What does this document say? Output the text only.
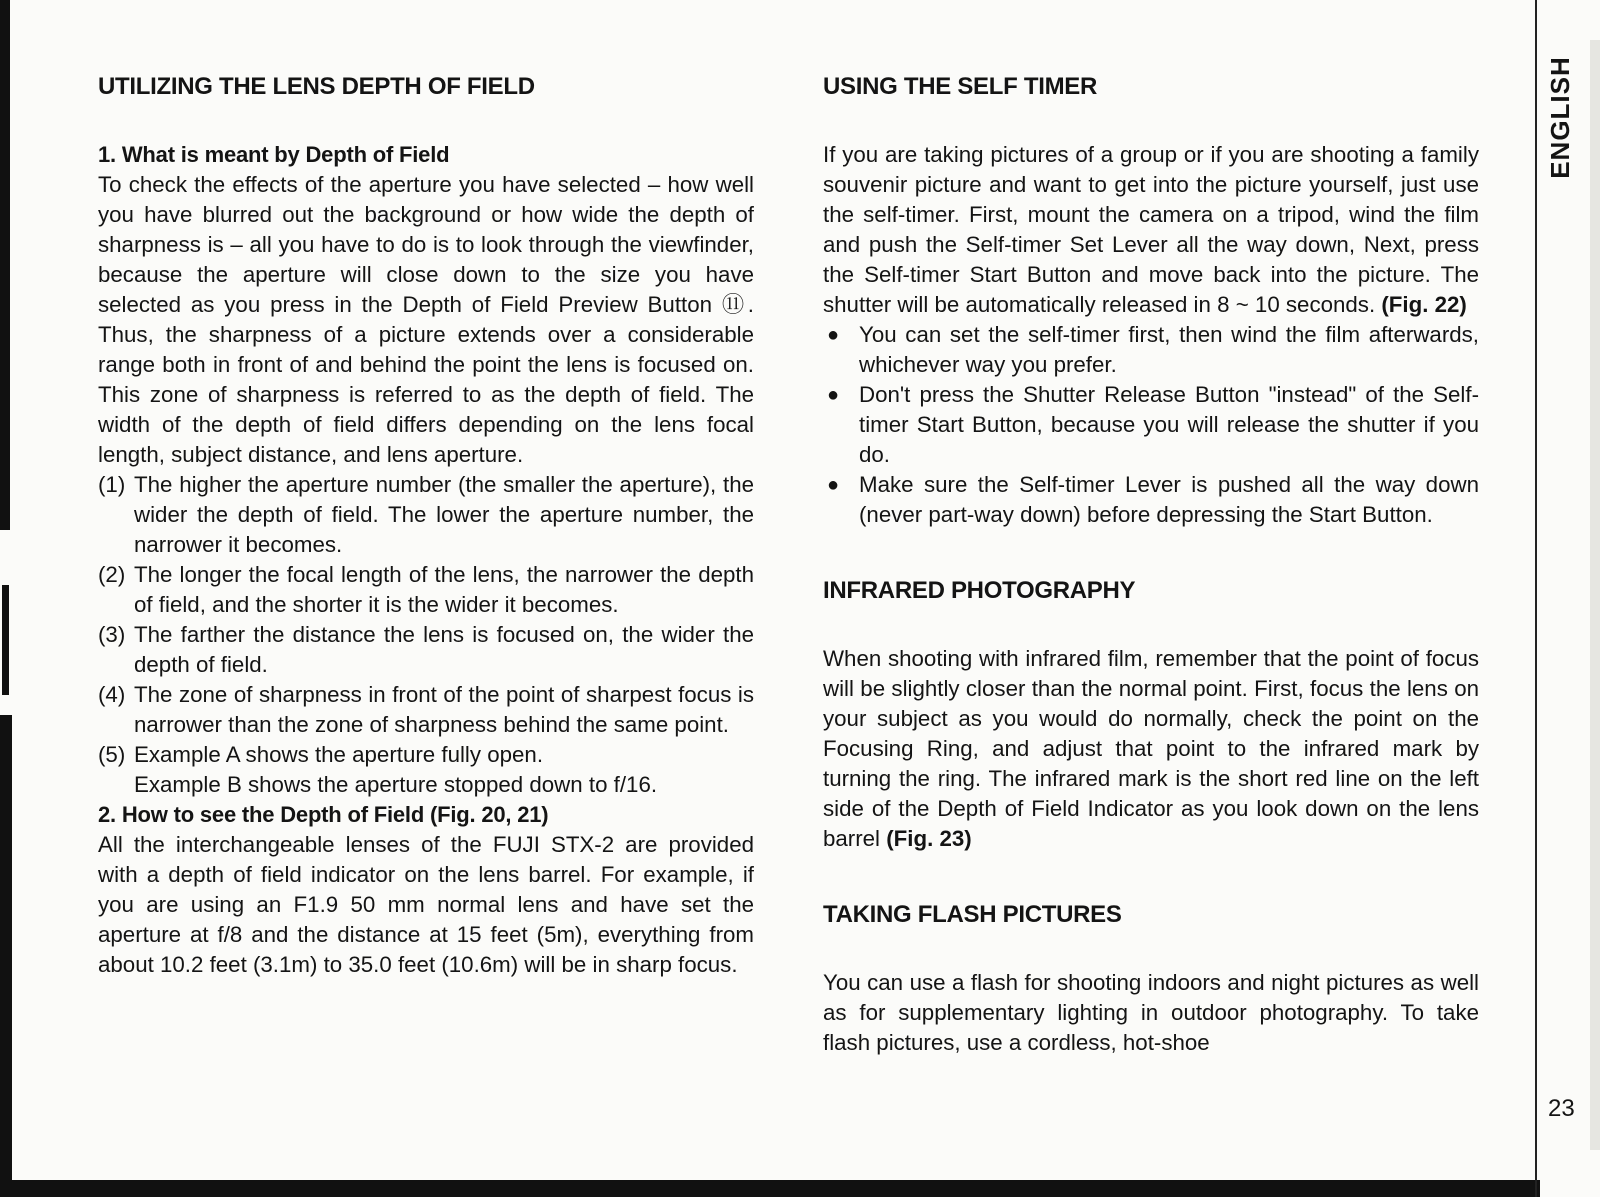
UTILIZING THE LENS DEPTH OF FIELD
1. What is meant by Depth of Field

To check the effects of the aperture you have selected – how well you have blurred out the background or how wide the depth of sharpness is – all you have to do is to look through the viewfinder, because the aperture will close down to the size you have selected as you press in the Depth of Field Preview Button ⑪. Thus, the sharpness of a picture extends over a considerable range both in front of and behind the point the lens is focused on. This zone of sharpness is referred to as the depth of field. The width of the depth of field differs depending on the lens focal length, subject distance, and lens aperture.

(1) The higher the aperture number (the smaller the aperture), the wider the depth of field. The lower the aperture number, the narrower it becomes.
(2) The longer the focal length of the lens, the narrower the depth of field, and the shorter it is the wider it becomes.
(3) The farther the distance the lens is focused on, the wider the depth of field.
(4) The zone of sharpness in front of the point of sharpest focus is narrower than the zone of sharpness behind the same point.
(5) Example A shows the aperture fully open.
Example B shows the aperture stopped down to f/16.
2. How to see the Depth of Field (Fig. 20, 21)

All the interchangeable lenses of the FUJI STX-2 are provided with a depth of field indicator on the lens barrel. For example, if you are using an F1.9 50 mm normal lens and have set the aperture at f/8 and the distance at 15 feet (5m), everything from about 10.2 feet (3.1m) to 35.0 feet (10.6m) will be in sharp focus.

USING THE SELF TIMER

If you are taking pictures of a group or if you are shooting a family souvenir picture and want to get into the picture yourself, just use the self-timer. First, mount the camera on a tripod, wind the film and push the Self-timer Set Lever all the way down, Next, press the Self-timer Start Button and move back into the picture. The shutter will be automatically released in 8 ~ 10 seconds. (Fig. 22)

● You can set the self-timer first, then wind the film afterwards, whichever way you prefer.
● Don't press the Shutter Release Button "instead" of the Self-timer Start Button, because you will release the shutter if you do.
● Make sure the Self-timer Lever is pushed all the way down (never part-way down) before depressing the Start Button.
INFRARED PHOTOGRAPHY

When shooting with infrared film, remember that the point of focus will be slightly closer than the normal point. First, focus the lens on your subject as you would do normally, check the point on the Focusing Ring, and adjust that point to the infrared mark by turning the ring. The infrared mark is the short red line on the left side of the Depth of Field Indicator as you look down on the lens barrel (Fig. 23)

TAKING FLASH PICTURES

You can use a flash for shooting indoors and night pictures as well as for supplementary lighting in outdoor photography. To take flash pictures, use a cordless, hot-shoe

ENGLISH
23
